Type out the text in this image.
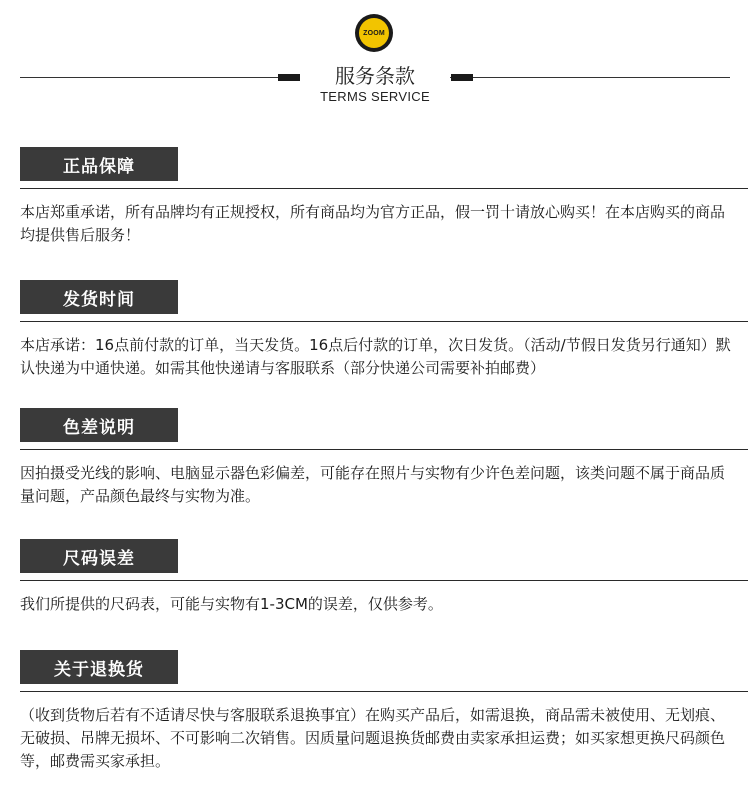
ZOOM
服务条款
TERMS SERVICE
正品保障
本店郑重承诺，所有品牌均有正规授权，所有商品均为官方正品，假一罚十请放心购买！在本店购买的商品均提供售后服务！
发货时间
本店承诺：16点前付款的订单，当天发货。16点后付款的订单，次日发货。（活动/节假日发货另行通知）默认快递为中通快递。如需其他快递请与客服联系（部分快递公司需要补拍邮费）
色差说明
因拍摄受光线的影响、电脑显示器色彩偏差，可能存在照片与实物有少许色差问题，该类问题不属于商品质量问题，产品颜色最终与实物为准。
尺码误差
我们所提供的尺码表，可能与实物有1-3CM的误差，仅供参考。
关于退换货
（收到货物后若有不适请尽快与客服联系退换事宜）在购买产品后，如需退换，商品需未被使用、无划痕、无破损、吊牌无损坏、不可影响二次销售。因质量问题退换货邮费由卖家承担运费；如买家想更换尺码颜色等，邮费需买家承担。
